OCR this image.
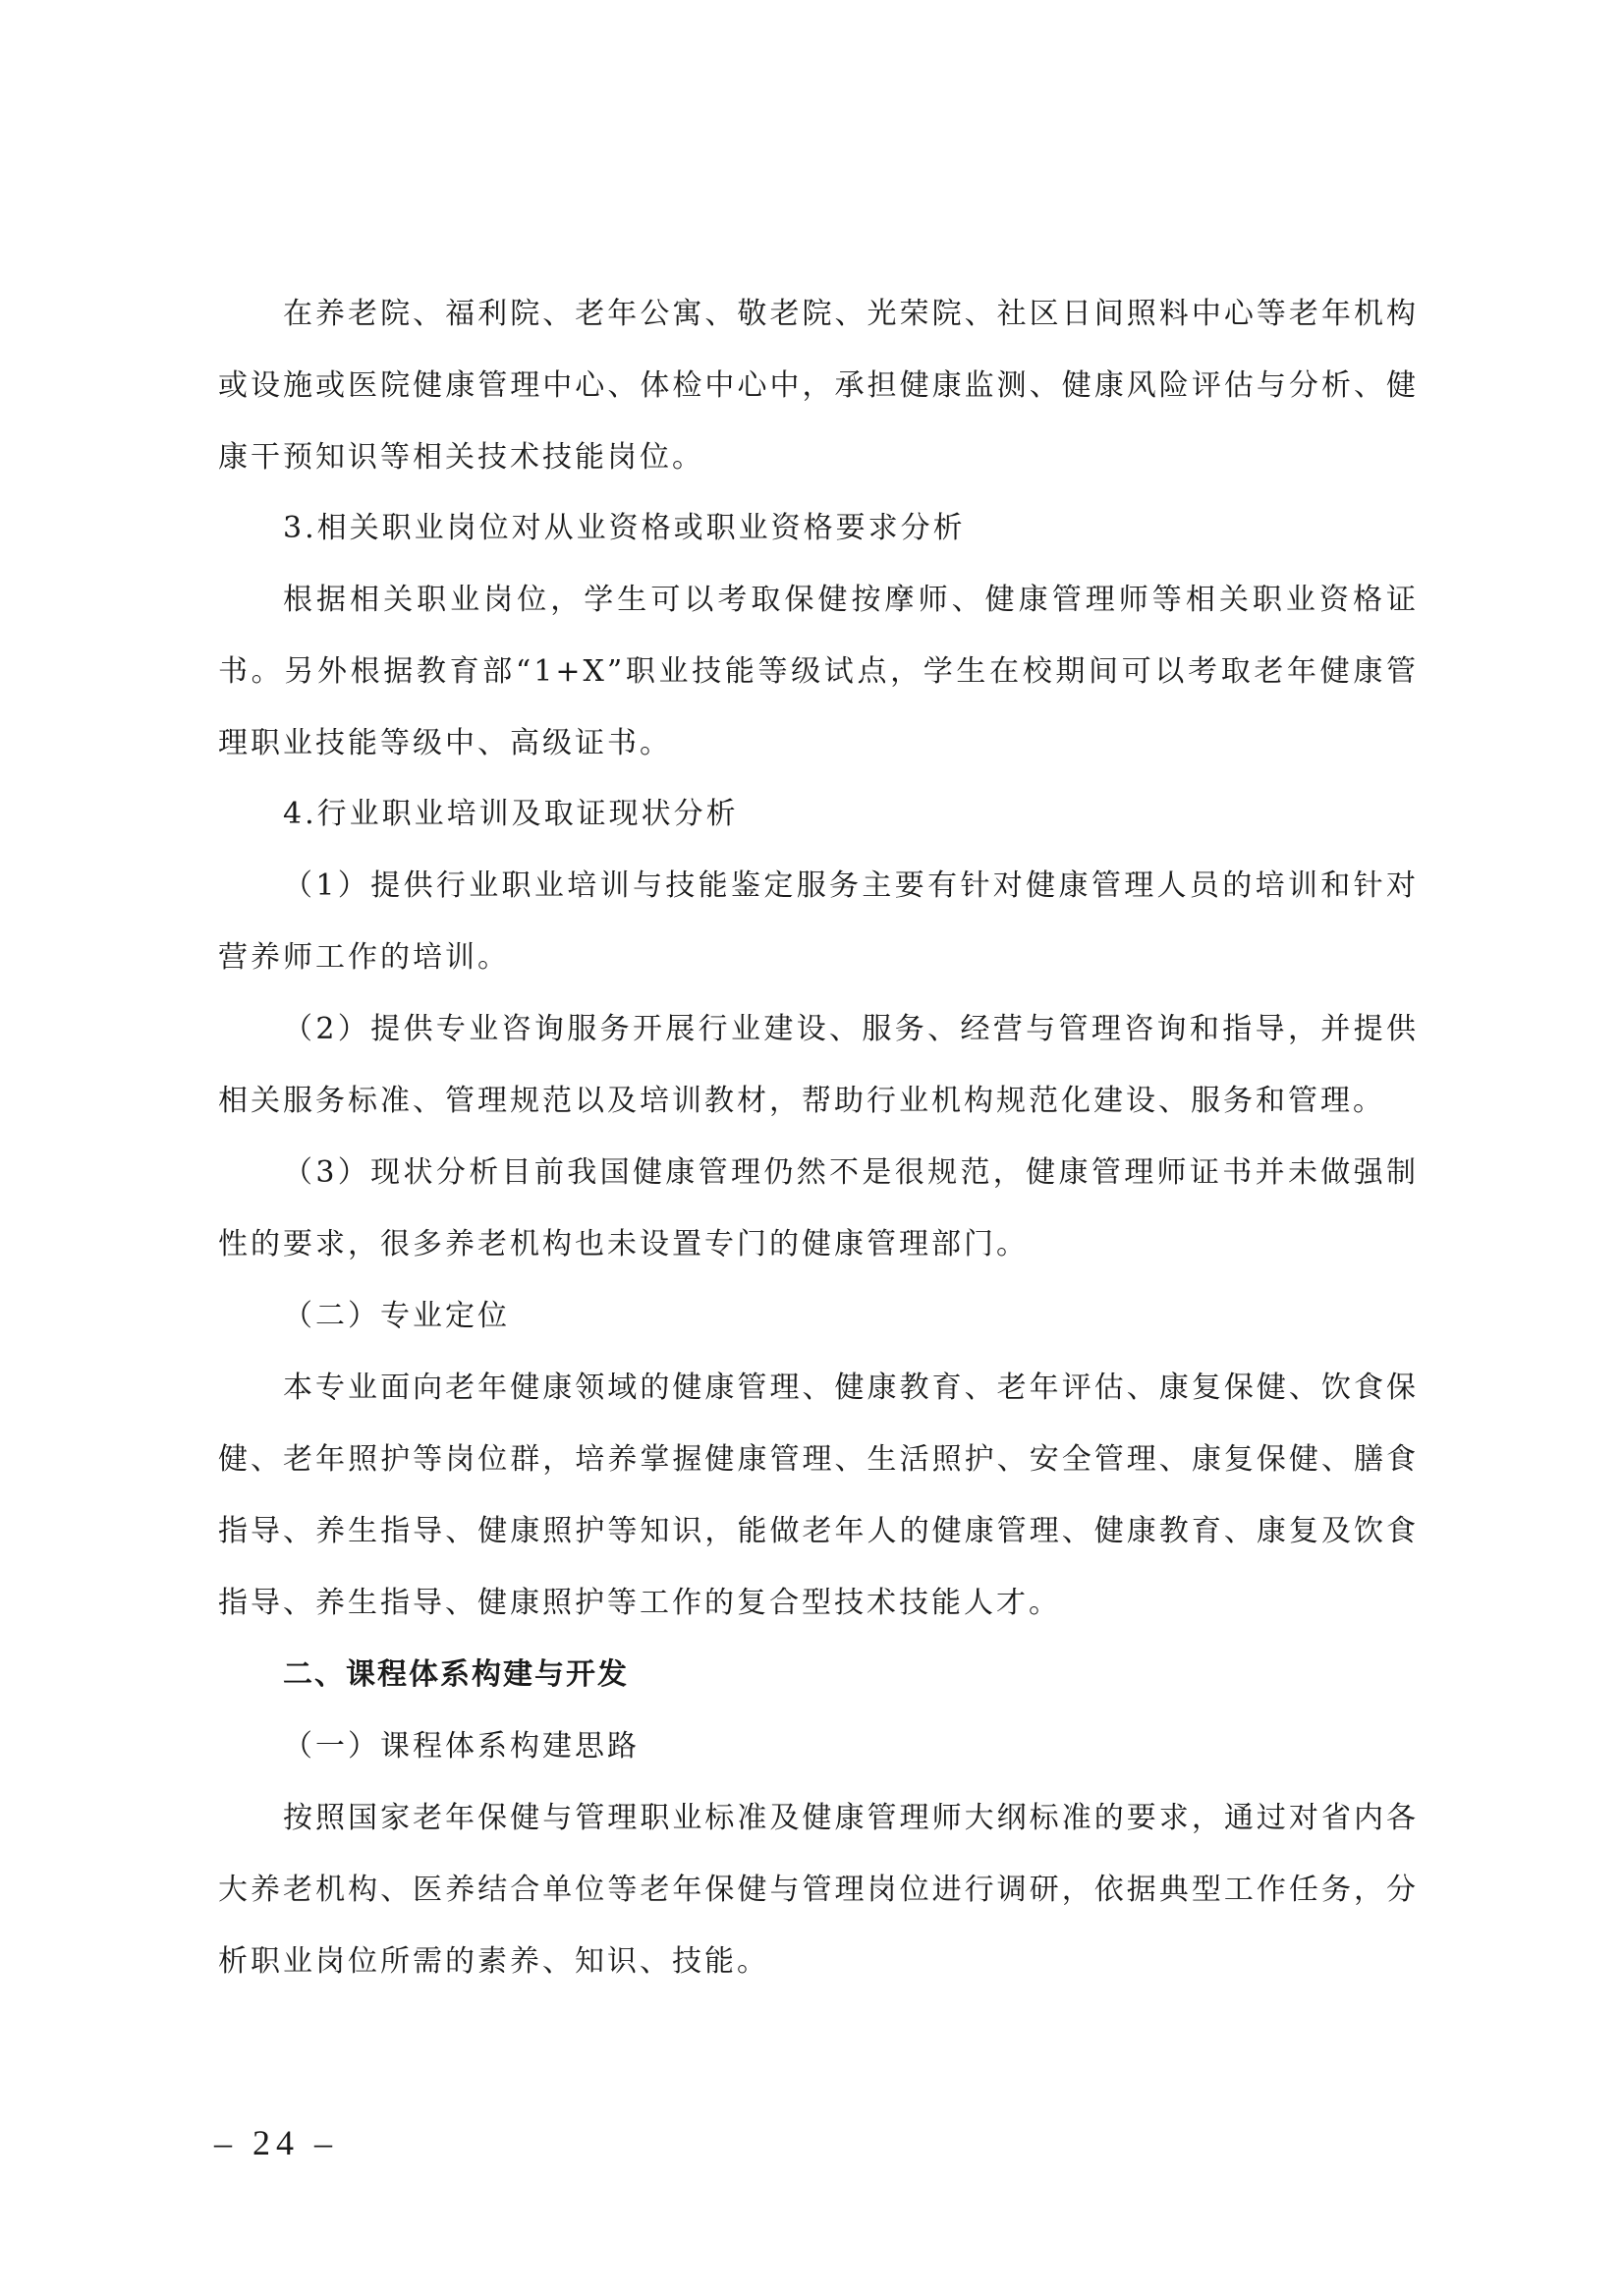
在养老院、福利院、老年公寓、敬老院、光荣院、社区日间照料中心等老年机构或设施或医院健康管理中心、体检中心中，承担健康监测、健康风险评估与分析、健康干预知识等相关技术技能岗位。

3.相关职业岗位对从业资格或职业资格要求分析

根据相关职业岗位，学生可以考取保健按摩师、健康管理师等相关职业资格证书。另外根据教育部“1+X”职业技能等级试点，学生在校期间可以考取老年健康管理职业技能等级中、高级证书。

4.行业职业培训及取证现状分析

（1）提供行业职业培训与技能鉴定服务主要有针对健康管理人员的培训和针对营养师工作的培训。

（2）提供专业咨询服务开展行业建设、服务、经营与管理咨询和指导，并提供相关服务标准、管理规范以及培训教材，帮助行业机构规范化建设、服务和管理。

（3）现状分析目前我国健康管理仍然不是很规范，健康管理师证书并未做强制性的要求，很多养老机构也未设置专门的健康管理部门。

（二）专业定位

本专业面向老年健康领域的健康管理、健康教育、老年评估、康复保健、饮食保健、老年照护等岗位群，培养掌握健康管理、生活照护、安全管理、康复保健、膳食指导、养生指导、健康照护等知识，能做老年人的健康管理、健康教育、康复及饮食指导、养生指导、健康照护等工作的复合型技术技能人才。

二、课程体系构建与开发

（一）课程体系构建思路

按照国家老年保健与管理职业标准及健康管理师大纲标准的要求，通过对省内各大养老机构、医养结合单位等老年保健与管理岗位进行调研，依据典型工作任务，分析职业岗位所需的素养、知识、技能。

– 24 –
